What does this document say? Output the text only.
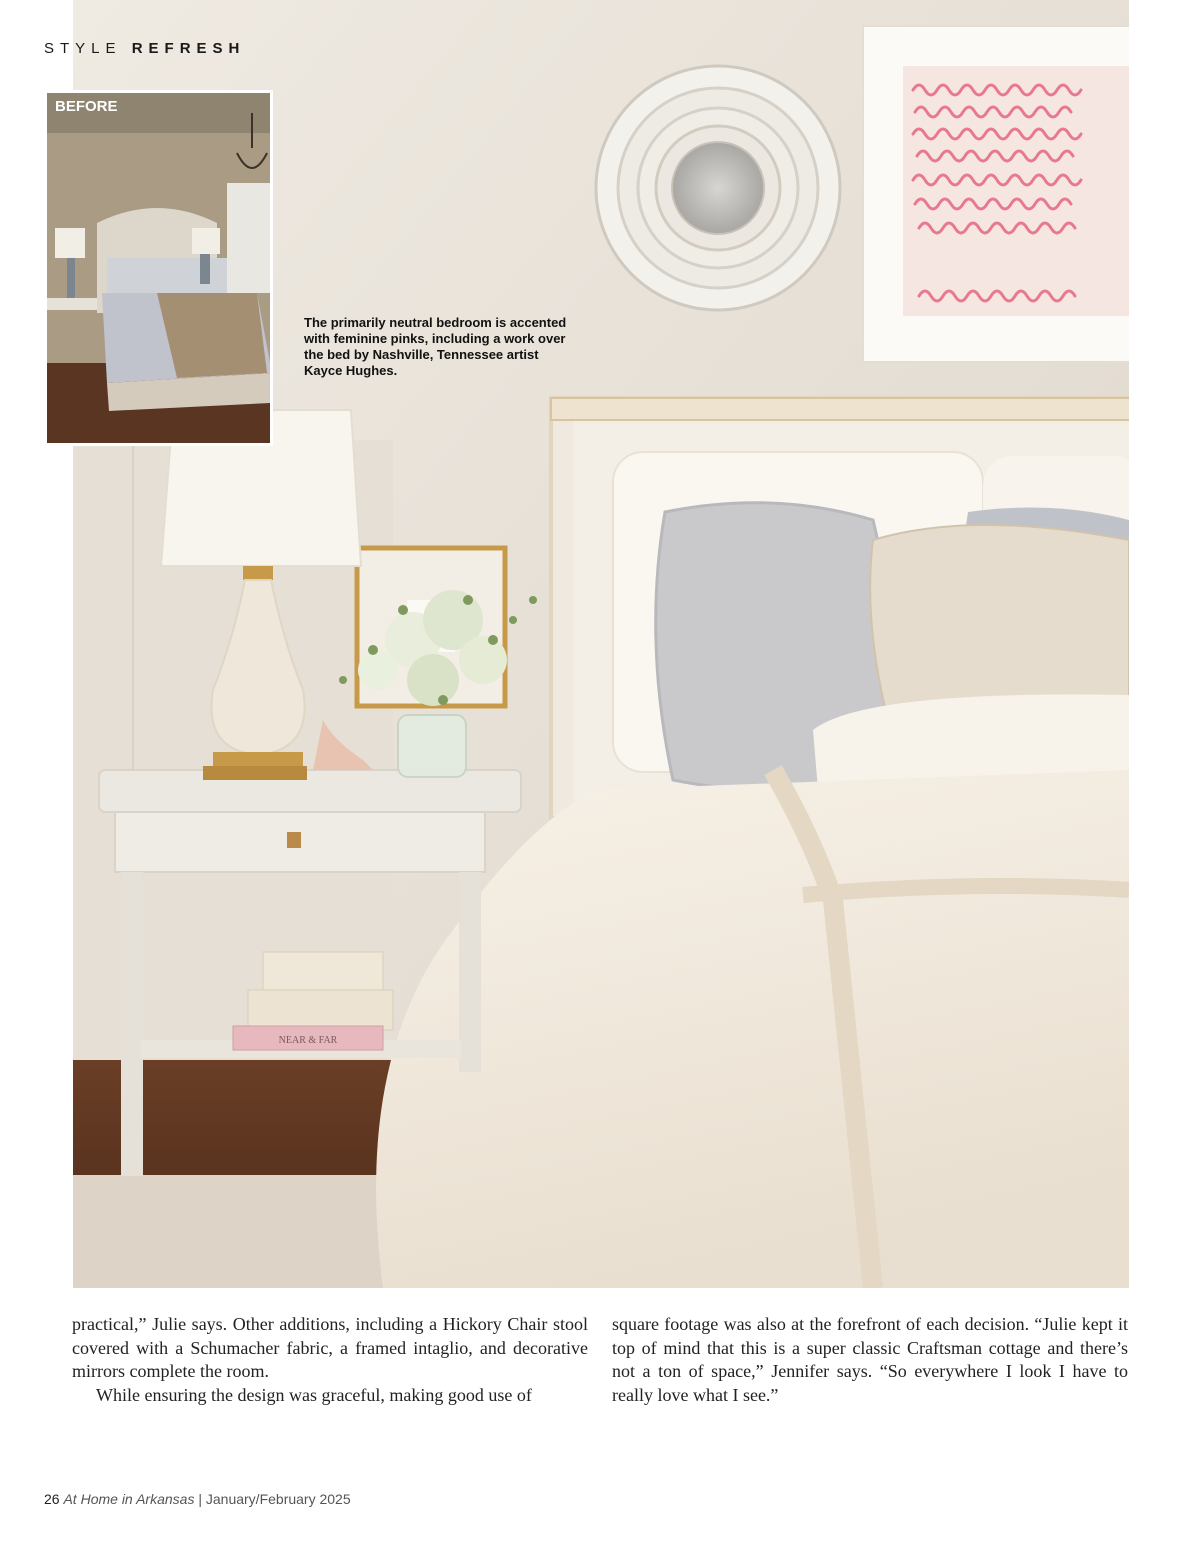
STYLE REFRESH
NEAR & FAR
BEFORE
The primarily neutral bedroom is accented with feminine pinks, including a work over the bed by Nashville, Tennessee artist Kayce Hughes.

practical,” Julie says. Other additions, including a Hickory Chair stool covered with a Schumacher fabric, a framed intaglio, and decorative mirrors complete the room.

While ensuring the design was graceful, making good use of

square footage was also at the forefront of each decision. “Julie kept it top of mind that this is a super classic Craftsman cottage and there’s not a ton of space,” Jennifer says. “So everywhere I look I have to really love what I see.”

26 At Home in Arkansas | January/February 2025
